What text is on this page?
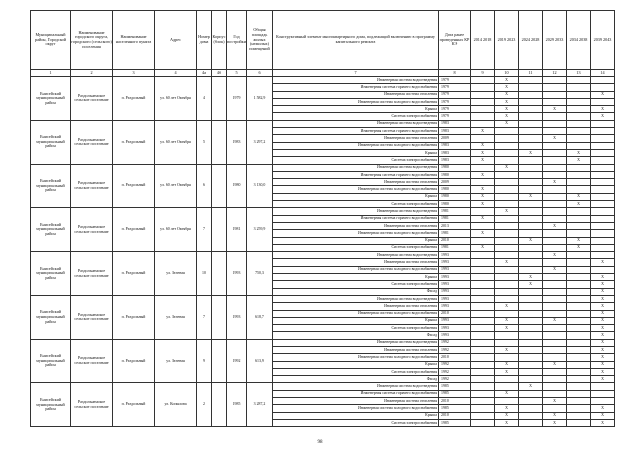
Муниципальный район, Городской округ	Наименование городского округа, городского (сельского) поселения	Наименование населенного пункта	Адрес	Номер дома	Корпус (блок)	Год постройки	Общая площадь жилых (нежилых) помещений	Конструктивный элемент многоквартирного дома, подлежащий включению в программу капитального ремонта	Дата ранее проведенных КР КЭ	2014 2018	2019 2023	2024 2028	2029 2033	2034 2038	2039 2043
1	2	3	4	4а	4б	5	6	7	8	9	10	11	12	13	14
Енисейский муниципальный район	Раздольненское сельское поселение	п. Раздольный	ул. 60 лет Октября	4		1979	1 582,9	Инженерная система водоотведения	1979		X				
								Инженерная система горячего водоснабжения	1979		X				
								Инженерная система отопления	1979		X				X
								Инженерная система холодного водоснабжения	1979		X				
								Крыша	1979		X		X		X
								Система электроснабжения	1979		X				X
Енисейский муниципальный район	Раздольненское сельское поселение	п. Раздольный	ул. 60 лет Октября	5		1983	3 297,2	Инженерная система водоотведения	1983		X				
								Инженерная система горячего водоснабжения	1983	X					
								Инженерная система отопления	2009				X		
								Инженерная система холодного водоснабжения	1983	X					
								Крыша	1983	X		X		X	
								Система электроснабжения	1983	X				X	
Енисейский муниципальный район	Раздольненское сельское поселение	п. Раздольный	ул. 60 лет Октября	6		1980	3 130,0	Инженерная система водоотведения	1980		X				
								Инженерная система горячего водоснабжения	1980	X					
								Инженерная система отопления	2009				X		
								Инженерная система холодного водоснабжения	1980	X					
								Крыша	1980	X		X		X	
								Система электроснабжения	1980	X				X	
Енисейский муниципальный район	Раздольненское сельское поселение	п. Раздольный	ул. 60 лет Октября	7		1981	3 259,9	Инженерная система водоотведения	1981		X				
								Инженерная система горячего водоснабжения	1981	X					
								Инженерная система отопления	2013				X		
								Инженерная система холодного водоснабжения	1981	X					
								Крыша	2010			X		X	
								Система электроснабжения	1981	X				X	
Енисейский муниципальный район	Раздольненское сельское поселение	п. Раздольный	ул. Зеленая	10		1993	750,3	Инженерная система водоотведения	1993				X		
								Инженерная система отопления	1993		X				X
								Инженерная система холодного водоснабжения	1993				X		
								Крыша	1993			X			X
								Система электроснабжения	1993			X			X
								Фасад	1993						X
Енисейский муниципальный район	Раздольненское сельское поселение	п. Раздольный	ул. Зеленая	7		1993	618,7	Инженерная система водоотведения	1993						X
								Инженерная система отопления	1993		X				X
								Инженерная система холодного водоснабжения	2010						X
								Крыша	1993		X		X		X
								Система электроснабжения	1993		X				X
								Фасад	1993						X
Енисейский муниципальный район	Раздольненское сельское поселение	п. Раздольный	ул. Зеленая	9		1992	613,9	Инженерная система водоотведения	1992						X
								Инженерная система отопления	1992		X				X
								Инженерная система холодного водоснабжения	2010						X
								Крыша	1992		X		X		X
								Система электроснабжения	1992		X				X
								Фасад	1992						X
Енисейский муниципальный район	Раздольненское сельское поселение	п. Раздольный	ул. Копылова	2		1985	3 287,2	Инженерная система водоотведения	1985			X			
								Инженерная система горячего водоснабжения	1985		X				
								Инженерная система отопления	2010				X		
								Инженерная система холодного водоснабжения	1985		X				X
								Крыша	2010		X		X		X
								Система электроснабжения	1985		X		X		X
98
